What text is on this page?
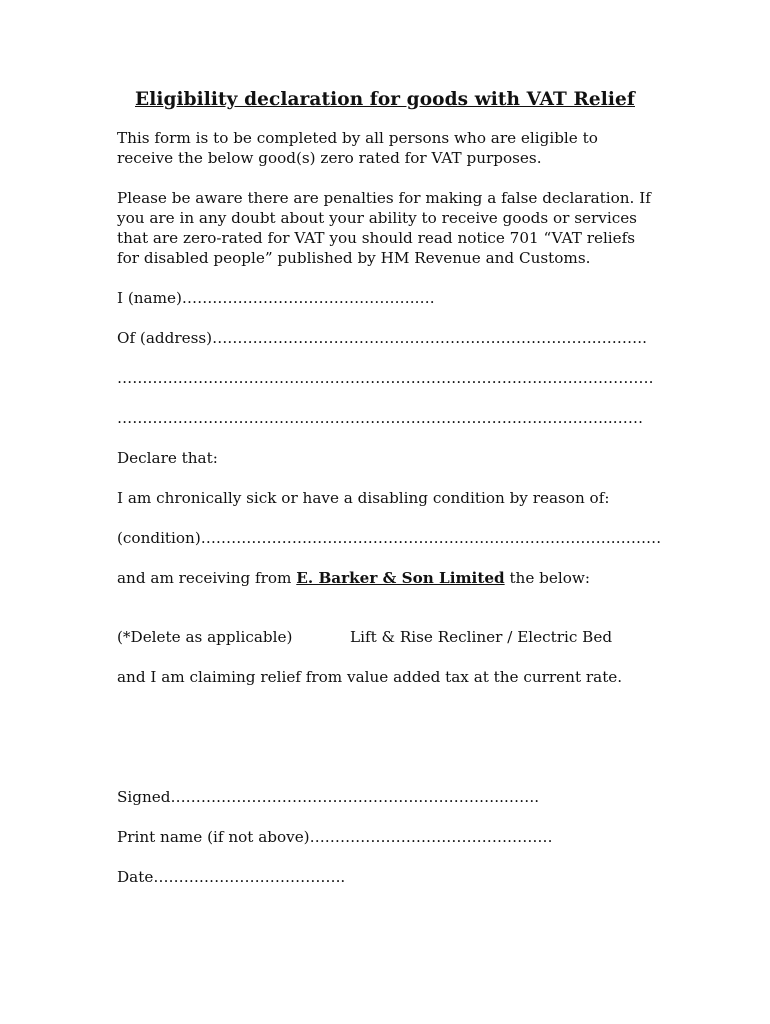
Eligibility declaration for goods with VAT Relief
This form is to be completed by all persons who are eligible to receive the below good(s) zero rated for VAT purposes.
Please be aware there are penalties for making a false declaration. If you are in any doubt about your ability to receive goods or services that are zero-rated for VAT you should read notice 701 “VAT reliefs for disabled people” published by HM Revenue and Customs.
I (name)……………………………………….….
Of (address)………………………………………………………………….……….
…………………………………………………………………………………………….
……………………………………………………………………………………..……
Declare that:
I am chronically sick or have a disabling condition by reason of:
(condition)……………………………………………………………………….………
and am receiving from E. Barker & Son Limited the below:
(*Delete as applicable)	Lift & Rise Recliner / Electric Bed
and I am claiming relief from value added tax at the current rate.
Signed………………………………………….……………..…….
Print name (if not above)…………………………………………
Date………………………………..
